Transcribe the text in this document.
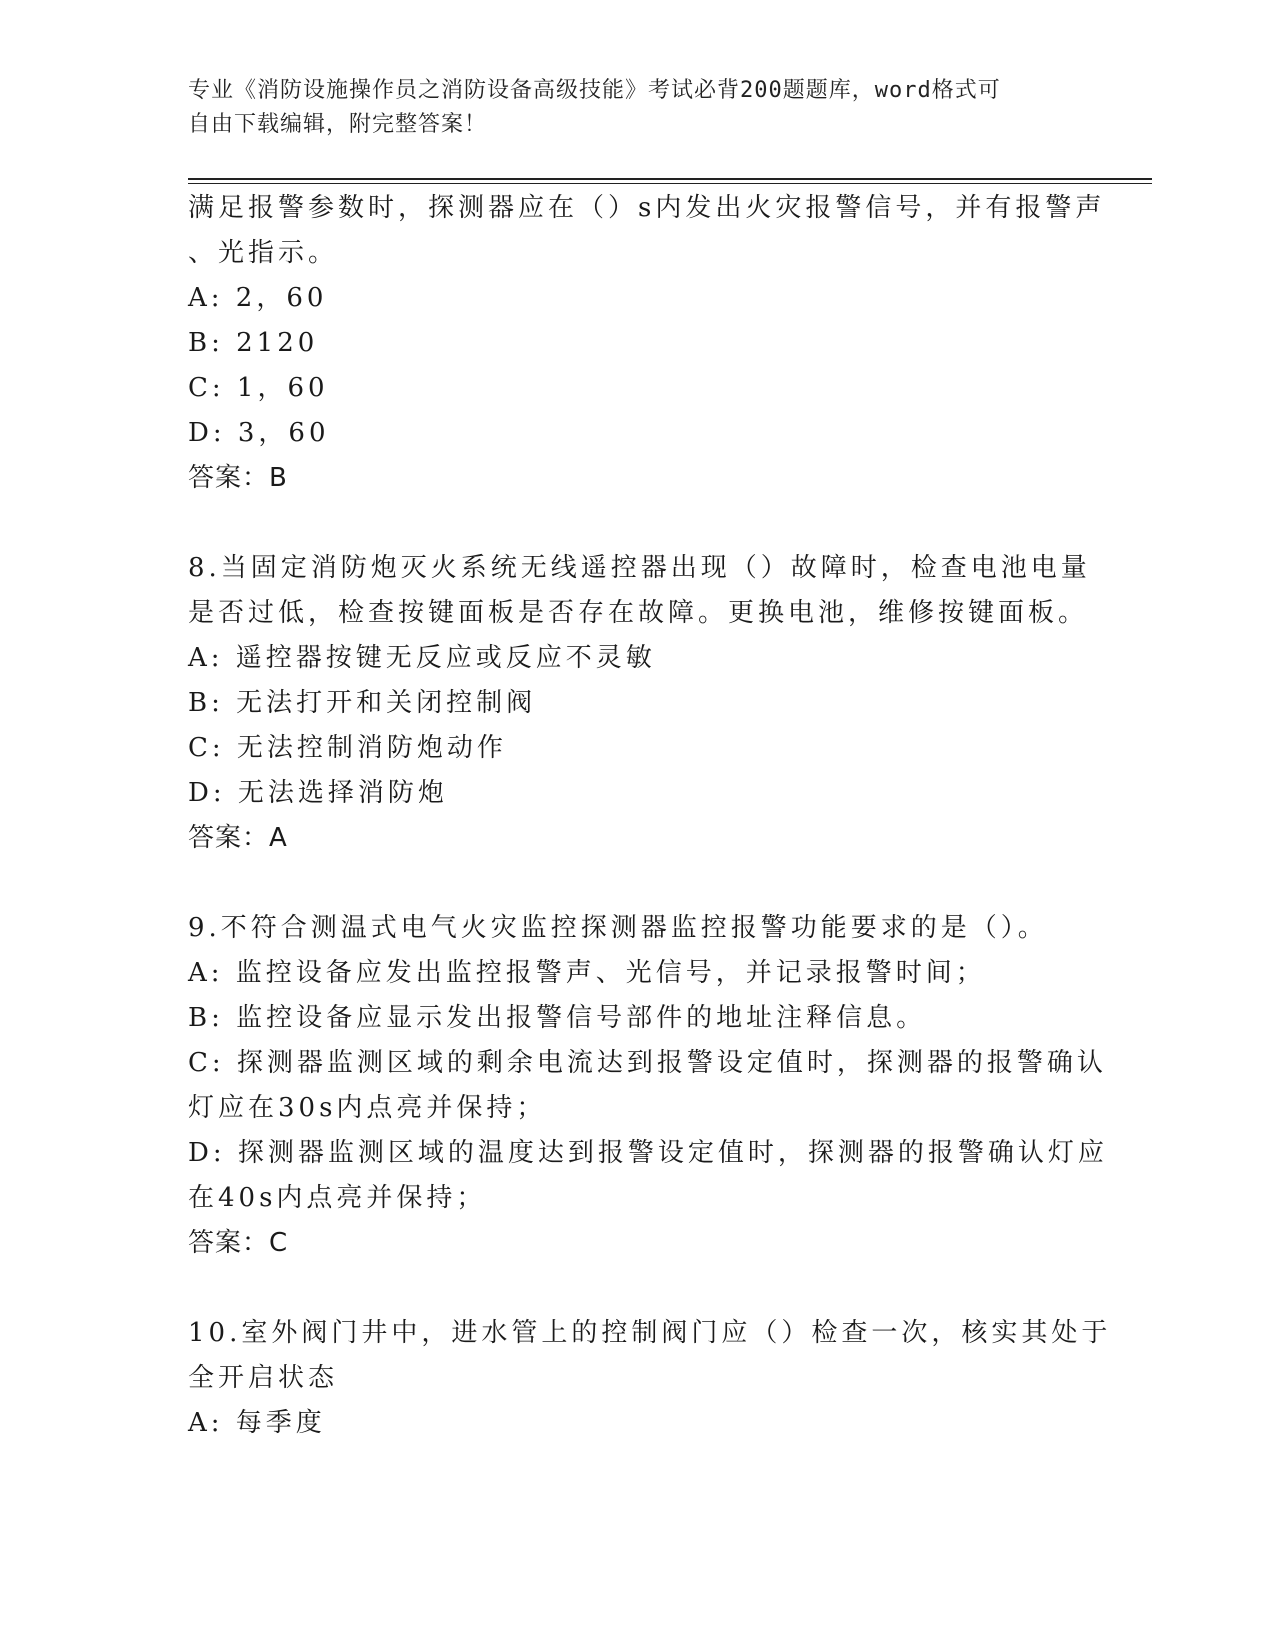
专业《消防设施操作员之消防设备高级技能》考试必背200题题库，word格式可
自由下载编辑，附完整答案！
满足报警参数时，探测器应在（）s内发出火灾报警信号，并有报警声
、光指示。
A: 2，60
B: 2120
C: 1，60
D: 3，60
答案：B
8.当固定消防炮灭火系统无线遥控器出现（）故障时，检查电池电量
是否过低，检查按键面板是否存在故障。更换电池，维修按键面板。
A: 遥控器按键无反应或反应不灵敏
B: 无法打开和关闭控制阀
C: 无法控制消防炮动作
D: 无法选择消防炮
答案：A
9.不符合测温式电气火灾监控探测器监控报警功能要求的是（）。
A: 监控设备应发出监控报警声、光信号，并记录报警时间；
B: 监控设备应显示发出报警信号部件的地址注释信息。
C: 探测器监测区域的剩余电流达到报警设定值时，探测器的报警确认
灯应在30s内点亮并保持；
D: 探测器监测区域的温度达到报警设定值时，探测器的报警确认灯应
在40s内点亮并保持；
答案：C
10.室外阀门井中，进水管上的控制阀门应（）检查一次，核实其处于
全开启状态
A: 每季度
